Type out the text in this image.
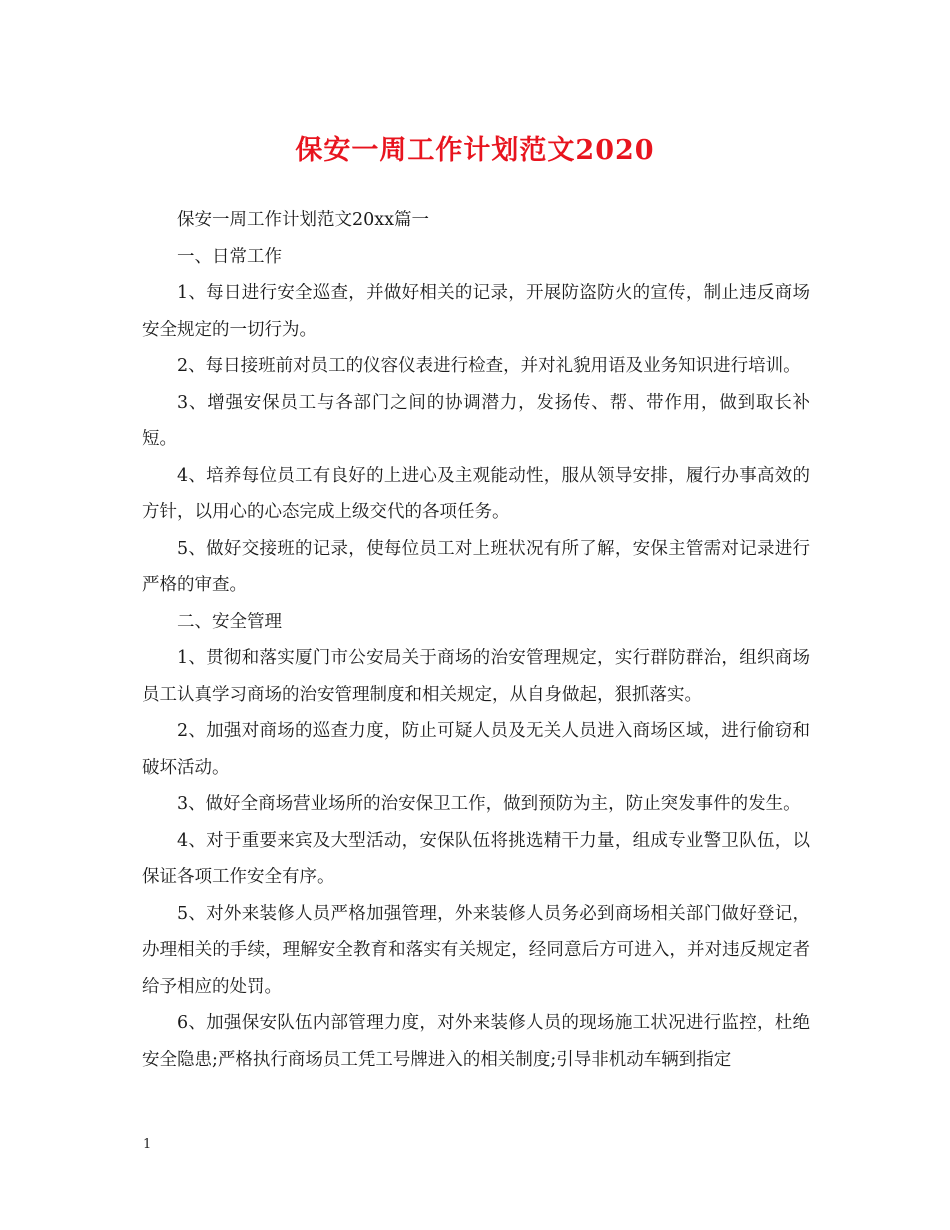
保安一周工作计划范文2020

保安一周工作计划范文20xx篇一

一、日常工作

1、每日进行安全巡查，并做好相关的记录，开展防盗防火的宣传，制止违反商场安全规定的一切行为。

2、每日接班前对员工的仪容仪表进行检查，并对礼貌用语及业务知识进行培训。

3、增强安保员工与各部门之间的协调潜力，发扬传、帮、带作用，做到取长补短。

4、培养每位员工有良好的上进心及主观能动性，服从领导安排，履行办事高效的方针，以用心的心态完成上级交代的各项任务。

5、做好交接班的记录，使每位员工对上班状况有所了解，安保主管需对记录进行严格的审查。

二、安全管理

1、贯彻和落实厦门市公安局关于商场的治安管理规定，实行群防群治，组织商场员工认真学习商场的治安管理制度和相关规定，从自身做起，狠抓落实。

2、加强对商场的巡查力度，防止可疑人员及无关人员进入商场区域，进行偷窃和破坏活动。

3、做好全商场营业场所的治安保卫工作，做到预防为主，防止突发事件的发生。

4、对于重要来宾及大型活动，安保队伍将挑选精干力量，组成专业警卫队伍，以保证各项工作安全有序。

5、对外来装修人员严格加强管理，外来装修人员务必到商场相关部门做好登记，办理相关的手续，理解安全教育和落实有关规定，经同意后方可进入，并对违反规定者给予相应的处罚。

6、加强保安队伍内部管理力度，对外来装修人员的现场施工状况进行监控，杜绝安全隐患;严格执行商场员工凭工号牌进入的相关制度;引导非机动车辆到指定

1
